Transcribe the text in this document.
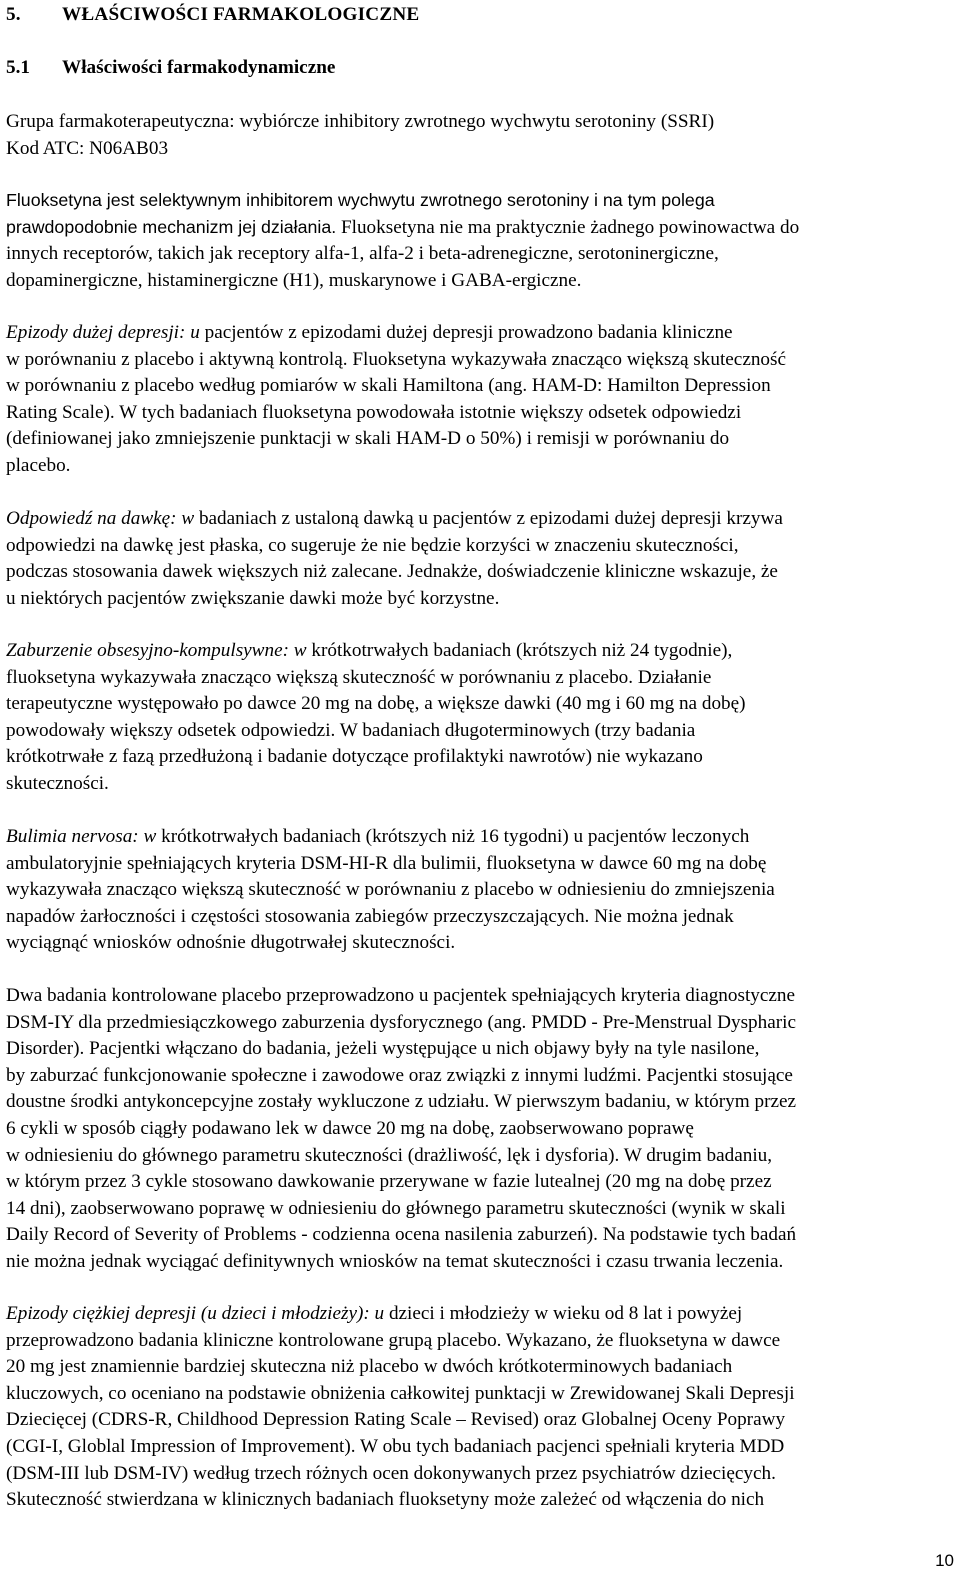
5. WŁAŚCIWOŚCI FARMAKOLOGICZNE
5.1 Właściwości farmakodynamiczne
Grupa farmakoterapeutyczna: wybiórcze inhibitory zwrotnego wychwytu serotoniny (SSRI)
Kod ATC: N06AB03
Fluoksetyna jest selektywnym inhibitorem wychwytu zwrotnego serotoniny i na tym polega
prawdopodobnie mechanizm jej działania. Fluoksetyna nie ma praktycznie żadnego powinowactwa do
innych receptorów, takich jak receptory alfa-1, alfa-2 i beta-adrenegiczne, serotoninergiczne,
dopaminergiczne, histaminergiczne (H1), muskarynowe i GABA-ergiczne.
Epizody dużej depresji: u pacjentów z epizodami dużej depresji prowadzono badania kliniczne
w porównaniu z placebo i aktywną kontrolą. Fluoksetyna wykazywała znacząco większą skuteczność
w porównaniu z placebo według pomiarów w skali Hamiltona (ang. HAM-D: Hamilton Depression
Rating Scale). W tych badaniach fluoksetyna powodowała istotnie większy odsetek odpowiedzi
(definiowanej jako zmniejszenie punktacji w skali HAM-D o 50%) i remisji w porównaniu do
placebo.
Odpowiedź na dawkę: w badaniach z ustaloną dawką u pacjentów z epizodami dużej depresji krzywa
odpowiedzi na dawkę jest płaska, co sugeruje że nie będzie korzyści w znaczeniu skuteczności,
podczas stosowania dawek większych niż zalecane. Jednakże, doświadczenie kliniczne wskazuje, że
u niektórych pacjentów zwiększanie dawki może być korzystne.
Zaburzenie obsesyjno-kompulsywne: w krótkotrwałych badaniach (krótszych niż 24 tygodnie),
fluoksetyna wykazywała znacząco większą skuteczność w porównaniu z placebo. Działanie
terapeutyczne występowało po dawce 20 mg na dobę, a większe dawki (40 mg i 60 mg na dobę)
powodowały większy odsetek odpowiedzi. W badaniach długoterminowych (trzy badania
krótkotrwałe z fazą przedłużoną i badanie dotyczące profilaktyki nawrotów) nie wykazano
skuteczności.
Bulimia nervosa: w krótkotrwałych badaniach (krótszych niż 16 tygodni) u pacjentów leczonych
ambulatoryjnie spełniających kryteria DSM-HI-R dla bulimii, fluoksetyna w dawce 60 mg na dobę
wykazywała znacząco większą skuteczność w porównaniu z placebo w odniesieniu do zmniejszenia
napadów żarłoczności i częstości stosowania zabiegów przeczyszczających. Nie można jednak
wyciągnąć wniosków odnośnie długotrwałej skuteczności.
Dwa badania kontrolowane placebo przeprowadzono u pacjentek spełniających kryteria diagnostyczne
DSM-IY dla przedmiesiączkowego zaburzenia dysforycznego (ang. PMDD - Pre-Menstrual Dyspharic
Disorder). Pacjentki włączano do badania, jeżeli występujące u nich objawy były na tyle nasilone,
by zaburzać funkcjonowanie społeczne i zawodowe oraz związki z innymi ludźmi. Pacjentki stosujące
doustne środki antykoncepcyjne zostały wykluczone z udziału. W pierwszym badaniu, w którym przez
6 cykli w sposób ciągły podawano lek w dawce 20 mg na dobę, zaobserwowano poprawę
w odniesieniu do głównego parametru skuteczności (drażliwość, lęk i dysforia). W drugim badaniu,
w którym przez 3 cykle stosowano dawkowanie przerywane w fazie lutealnej (20 mg na dobę przez
14 dni), zaobserwowano poprawę w odniesieniu do głównego parametru skuteczności (wynik w skali
Daily Record of Severity of Problems - codzienna ocena nasilenia zaburzeń). Na podstawie tych badań
nie można jednak wyciągać definitywnych wniosków na temat skuteczności i czasu trwania leczenia.
Epizody ciężkiej depresji (u dzieci i młodzieży): u dzieci i młodzieży w wieku od 8 lat i powyżej
przeprowadzono badania kliniczne kontrolowane grupą placebo. Wykazano, że fluoksetyna w dawce
20 mg jest znamiennie bardziej skuteczna niż placebo w dwóch krótkoterminowych badaniach
kluczowych, co oceniano na podstawie obniżenia całkowitej punktacji w Zrewidowanej Skali Depresji
Dziecięcej (CDRS-R, Childhood Depression Rating Scale – Revised) oraz Globalnej Oceny Poprawy
(CGI-I, Globlal Impression of Improvement). W obu tych badaniach pacjenci spełniali kryteria MDD
(DSM-III lub DSM-IV) według trzech różnych ocen dokonywanych przez psychiatrów dziecięcych.
Skuteczność stwierdzana w klinicznych badaniach fluoksetyny może zależeć od włączenia do nich
10
